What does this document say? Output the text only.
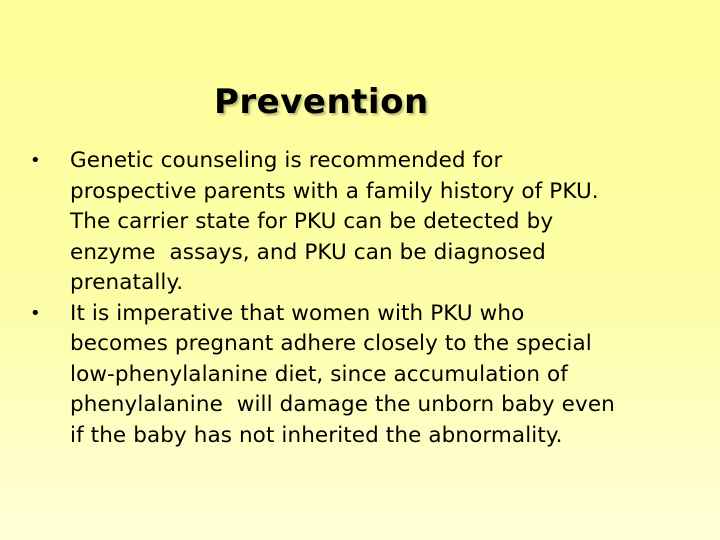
Prevention
•	Genetic counseling is recommended for
prospective parents with a family history of PKU.
The carrier state for PKU can be detected by
enzyme  assays, and PKU can be diagnosed
prenatally.
•	It is imperative that women with PKU who
becomes pregnant adhere closely to the special
low-phenylalanine diet, since accumulation of
phenylalanine  will damage the unborn baby even
if the baby has not inherited the abnormality.
